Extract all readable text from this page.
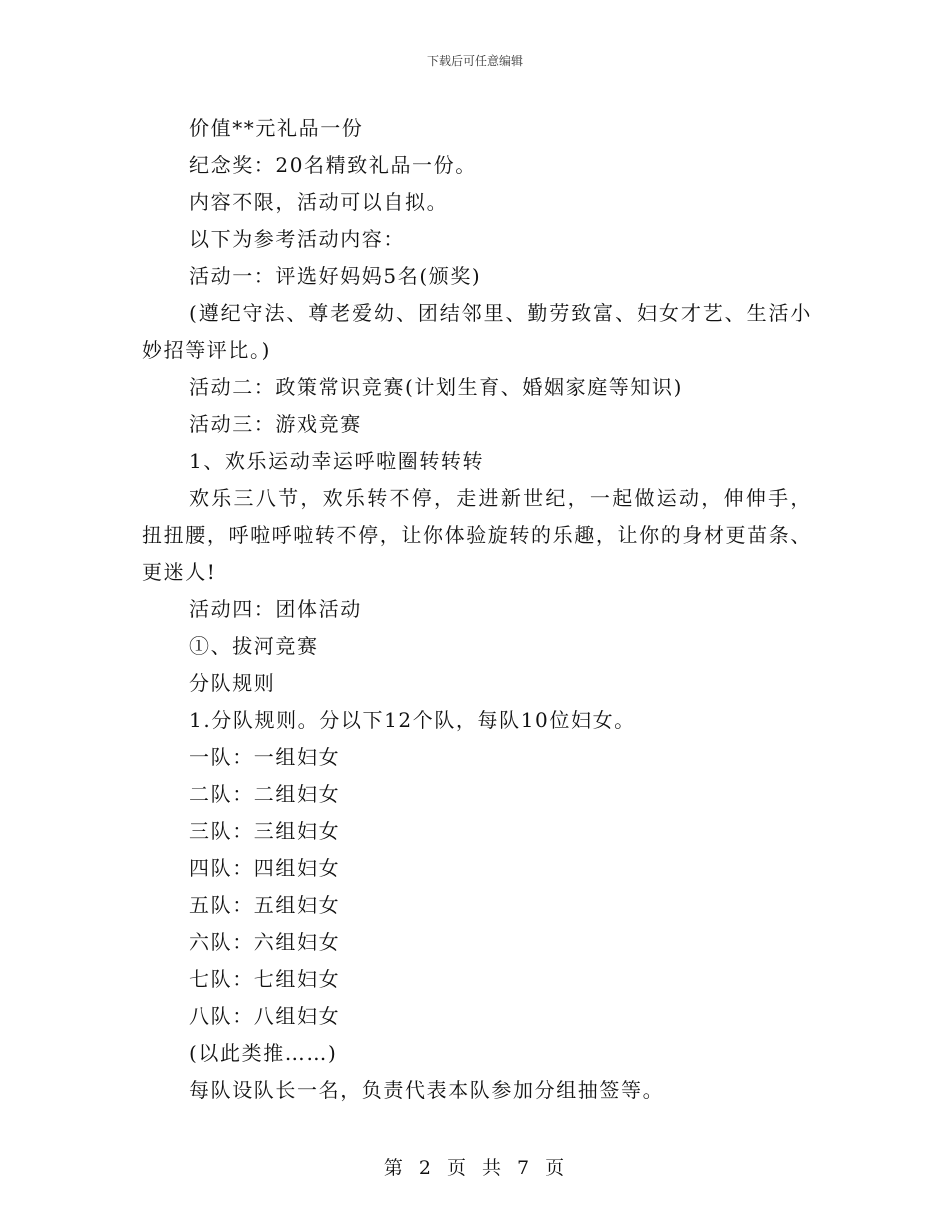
下载后可任意编辑
价值**元礼品一份
纪念奖：20名精致礼品一份。
内容不限，活动可以自拟。
以下为参考活动内容：
活动一：评选好妈妈5名(颁奖)
(遵纪守法、尊老爱幼、团结邻里、勤劳致富、妇女才艺、生活小妙招等评比。)
活动二：政策常识竞赛(计划生育、婚姻家庭等知识)
活动三：游戏竞赛
1、欢乐运动幸运呼啦圈转转转
欢乐三八节，欢乐转不停，走进新世纪，一起做运动，伸伸手，扭扭腰，呼啦呼啦转不停，让你体验旋转的乐趣，让你的身材更苗条、更迷人!
活动四：团体活动
①、拔河竞赛
分队规则
1.分队规则。分以下12个队，每队10位妇女。
一队：一组妇女
二队：二组妇女
三队：三组妇女
四队：四组妇女
五队：五组妇女
六队：六组妇女
七队：七组妇女
八队：八组妇女
(以此类推……)
每队设队长一名，负责代表本队参加分组抽签等。
第 2 页 共 7 页
